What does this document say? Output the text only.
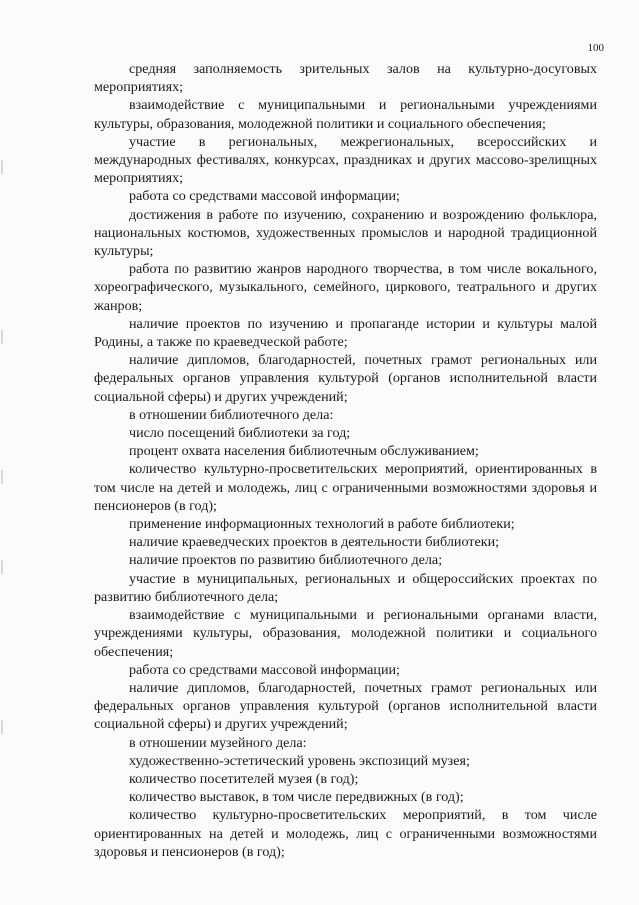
100

средняя заполняемость зрительных залов на культурно-досуговых мероприятиях;

взаимодействие с муниципальными и региональными учреждениями культуры, образования, молодежной политики и социального обеспечения;

участие в региональных, межрегиональных, всероссийских и международных фестивалях, конкурсах, праздниках и других массово-зрелищных мероприятиях;

работа со средствами массовой информации;

достижения в работе по изучению, сохранению и возрождению фольклора, национальных костюмов, художественных промыслов и народной традиционной культуры;

работа по развитию жанров народного творчества, в том числе вокального, хореографического, музыкального, семейного, циркового, театрального и других жанров;

наличие проектов по изучению и пропаганде истории и культуры малой Родины, а также по краеведческой работе;

наличие дипломов, благодарностей, почетных грамот региональных или федеральных органов управления культурой (органов исполнительной власти социальной сферы) и других учреждений;

в отношении библиотечного дела:

число посещений библиотеки за год;

процент охвата населения библиотечным обслуживанием;

количество культурно-просветительских мероприятий, ориентированных в том числе на детей и молодежь, лиц с ограниченными возможностями здоровья и пенсионеров (в год);

применение информационных технологий в работе библиотеки;

наличие краеведческих проектов в деятельности библиотеки;

наличие проектов по развитию библиотечного дела;

участие в муниципальных, региональных и общероссийских проектах по развитию библиотечного дела;

взаимодействие с муниципальными и региональными органами власти, учреждениями культуры, образования, молодежной политики и социального обеспечения;

работа со средствами массовой информации;

наличие дипломов, благодарностей, почетных грамот региональных или федеральных органов управления культурой (органов исполнительной власти социальной сферы) и других учреждений;

в отношении музейного дела:

художественно-эстетический уровень экспозиций музея;

количество посетителей музея (в год);

количество выставок, в том числе передвижных (в год);

количество культурно-просветительских мероприятий, в том числе ориентированных на детей и молодежь, лиц с ограниченными возможностями здоровья и пенсионеров (в год);
